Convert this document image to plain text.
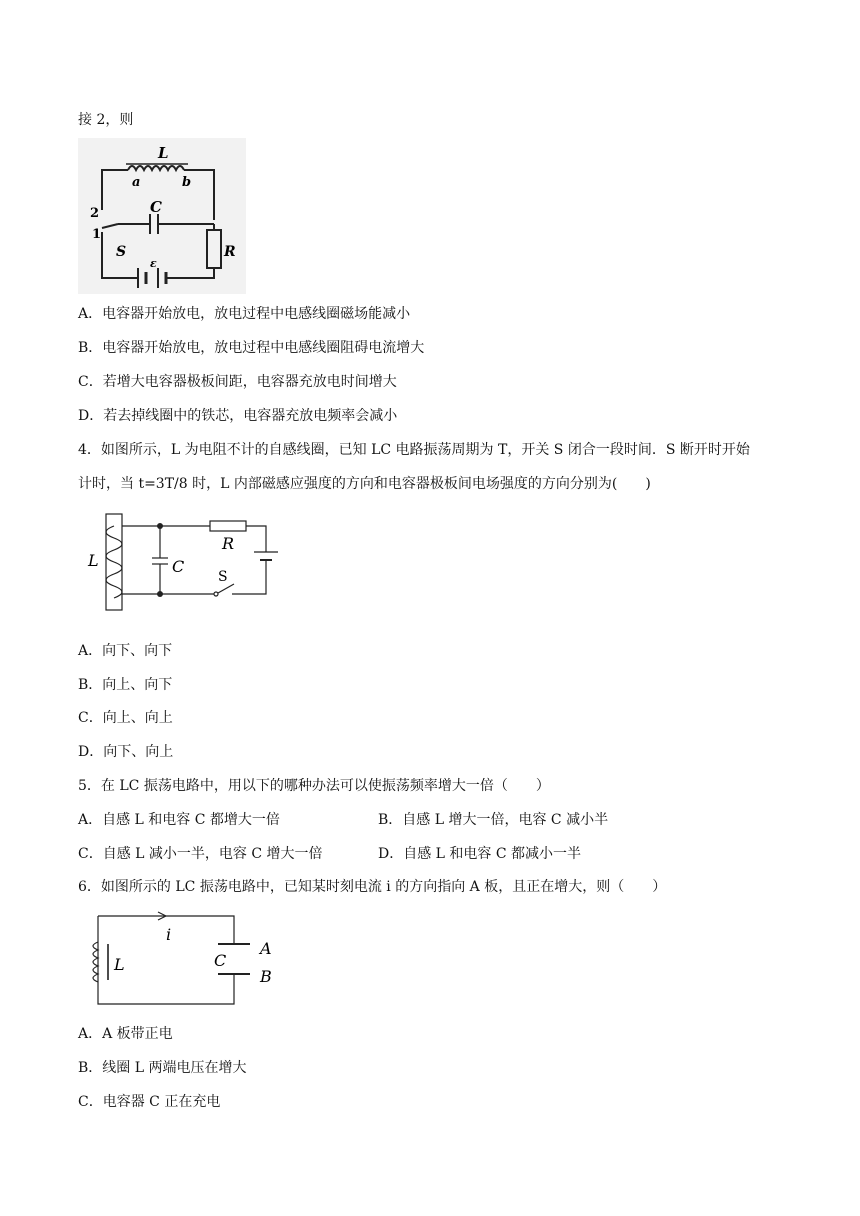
接 2，则
L
a	b
2	C
1
S	R
ε
A．电容器开始放电，放电过程中电感线圈磁场能减小
B．电容器开始放电，放电过程中电感线圈阻碍电流增大
C．若增大电容器极板间距，电容器充放电时间增大
D．若去掉线圈中的铁芯，电容器充放电频率会减小
4．如图所示，L 为电阻不计的自感线圈，已知 LC 电路振荡周期为 T，开关 S 闭合一段时间．S 断开时开始
计时，当 t=3T/8 时，L 内部磁感应强度的方向和电容器极板间电场强度的方向分别为(　　)
L	C
R
S
A．向下、向下
B．向上、向下
C．向上、向上
D．向下、向上
5．在 LC 振荡电路中，用以下的哪种办法可以使振荡频率增大一倍（　　）
A．自感 L 和电容 C 都增大一倍	B．自感 L 增大一倍，电容 C 减小半
C．自感 L 减小一半，电容 C 增大一倍	D．自感 L 和电容 C 都减小一半
6．如图所示的 LC 振荡电路中，已知某时刻电流 i 的方向指向 A 板，且正在增大，则（　　）
i
L	C
A
B
A．A 板带正电
B．线圈 L 两端电压在增大
C．电容器 C 正在充电
